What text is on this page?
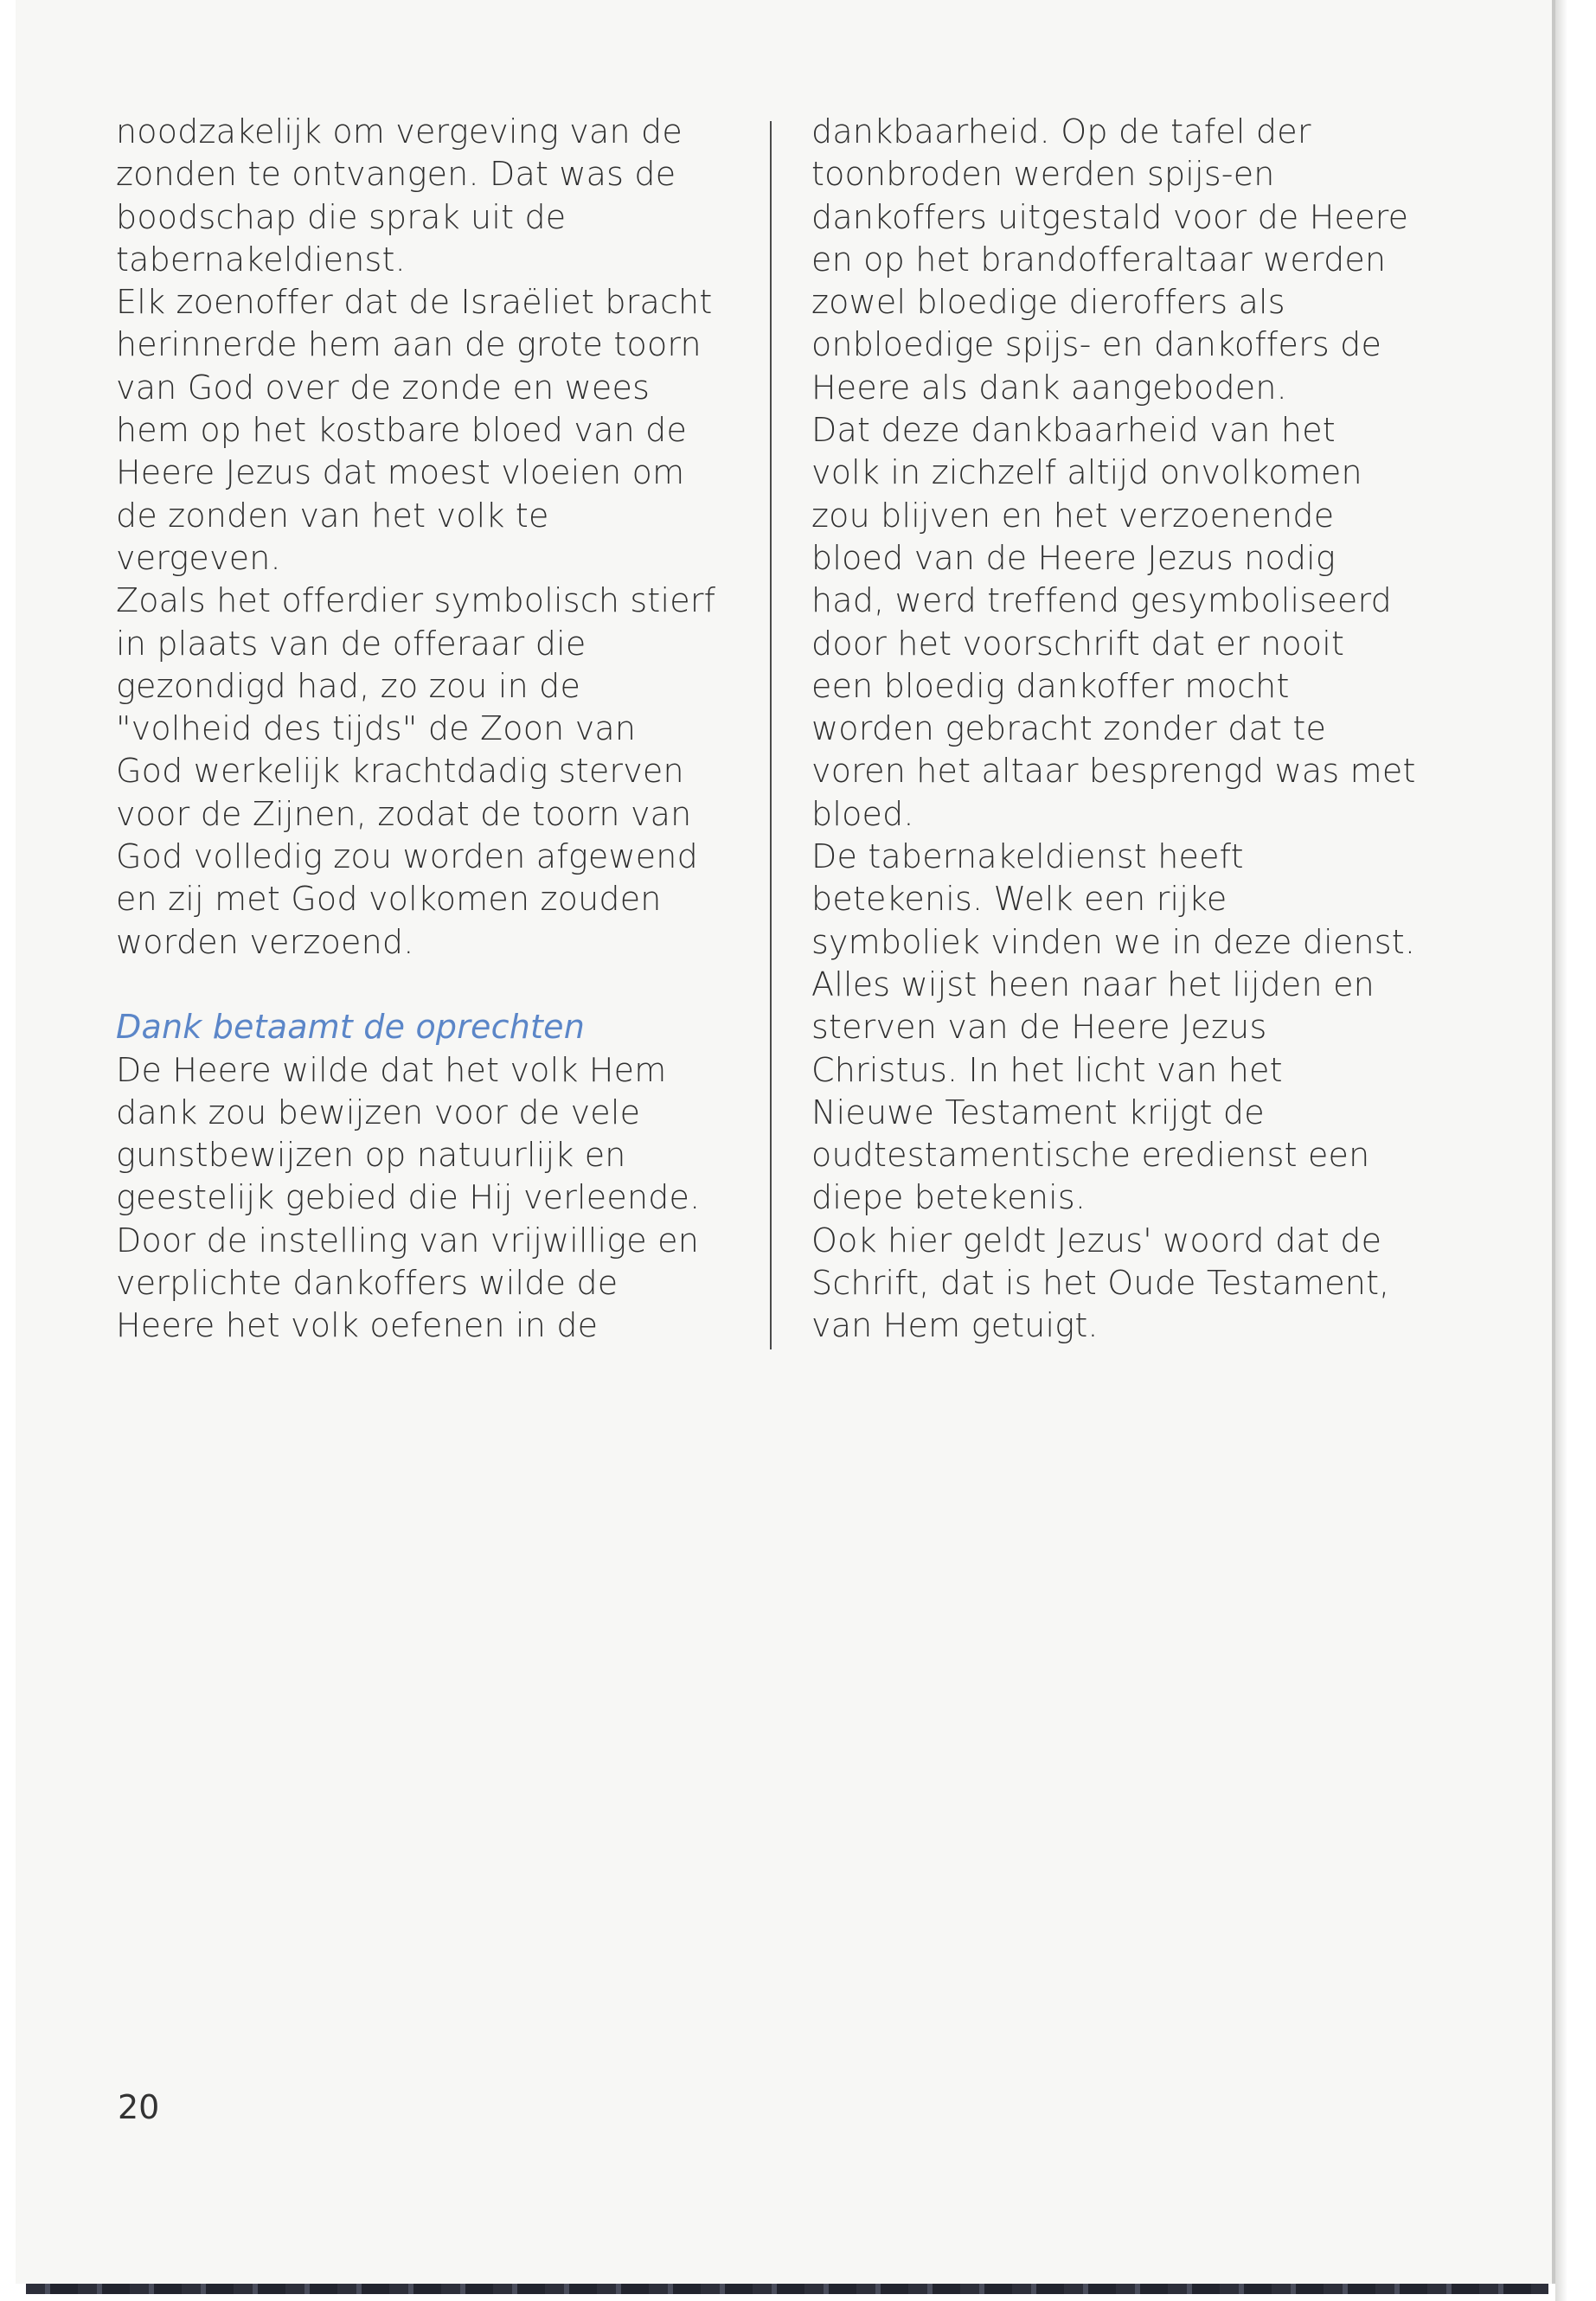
noodzakelijk om vergeving van de
zonden te ontvangen. Dat was de
boodschap die sprak uit de
tabernakeldienst.
Elk zoenoffer dat de Israëliet bracht
herinnerde hem aan de grote toorn
van God over de zonde en wees
hem op het kostbare bloed van de
Heere Jezus dat moest vloeien om
de zonden van het volk te
vergeven.
Zoals het offerdier symbolisch stierf
in plaats van de offeraar die
gezondigd had, zo zou in de
"volheid des tijds" de Zoon van
God werkelijk krachtdadig sterven
voor de Zijnen, zodat de toorn van
God volledig zou worden afgewend
en zij met God volkomen zouden
worden verzoend.
Dank betaamt de oprechten
De Heere wilde dat het volk Hem
dank zou bewijzen voor de vele
gunstbewijzen op natuurlijk en
geestelijk gebied die Hij verleende.
Door de instelling van vrijwillige en
verplichte dankoffers wilde de
Heere het volk oefenen in de
dankbaarheid. Op de tafel der
toonbroden werden spijs-en
dankoffers uitgestald voor de Heere
en op het brandofferaltaar werden
zowel bloedige dieroffers als
onbloedige spijs- en dankoffers de
Heere als dank aangeboden.
Dat deze dankbaarheid van het
volk in zichzelf altijd onvolkomen
zou blijven en het verzoenende
bloed van de Heere Jezus nodig
had, werd treffend gesymboliseerd
door het voorschrift dat er nooit
een bloedig dankoffer mocht
worden gebracht zonder dat te
voren het altaar besprengd was met
bloed.
De tabernakeldienst heeft
betekenis. Welk een rijke
symboliek vinden we in deze dienst.
Alles wijst heen naar het lijden en
sterven van de Heere Jezus
Christus. In het licht van het
Nieuwe Testament krijgt de
oudtestamentische eredienst een
diepe betekenis.
Ook hier geldt Jezus' woord dat de
Schrift, dat is het Oude Testament,
van Hem getuigt.
20
